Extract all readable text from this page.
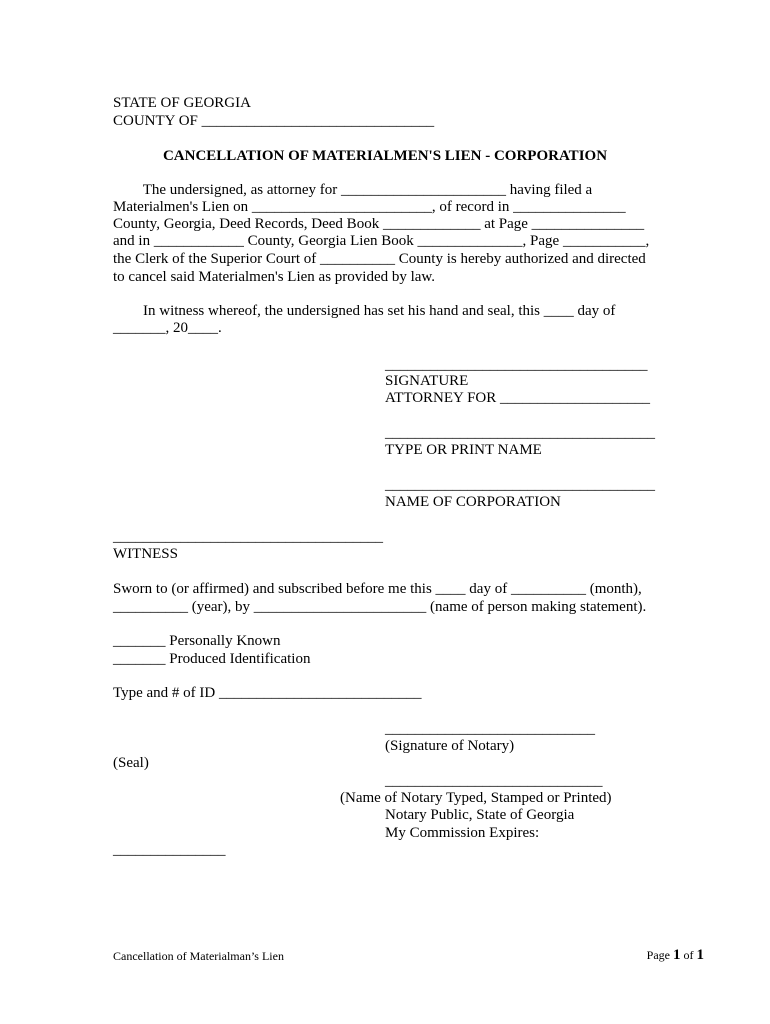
STATE OF GEORGIA
COUNTY OF _______________________________
CANCELLATION OF MATERIALMEN'S LIEN - CORPORATION
The undersigned, as attorney for ______________________ having filed a
Materialmen's Lien on ________________________, of record in _______________
County, Georgia, Deed Records, Deed Book _____________ at Page _______________
and in ____________ County, Georgia Lien Book ______________, Page ___________,
the Clerk of the Superior Court of __________ County is hereby authorized and directed
to cancel said Materialmen's Lien as provided by law.
In witness whereof, the undersigned has set his hand and seal, this ____ day of
_______, 20____.
___________________________________
SIGNATURE
ATTORNEY FOR ____________________
____________________________________
TYPE OR PRINT NAME
____________________________________
NAME OF CORPORATION
____________________________________
WITNESS
Sworn to (or affirmed) and subscribed before me this ____ day of __________ (month),
__________ (year), by _______________________ (name of person making statement).
_______ Personally Known
_______ Produced Identification
Type and # of ID ___________________________
____________________________
(Signature of Notary)
(Seal)
_____________________________
(Name of Notary Typed, Stamped or Printed)
Notary Public, State of Georgia
My Commission Expires:
_______________
Cancellation of Materialman’s Lien	Page 1 of 1
